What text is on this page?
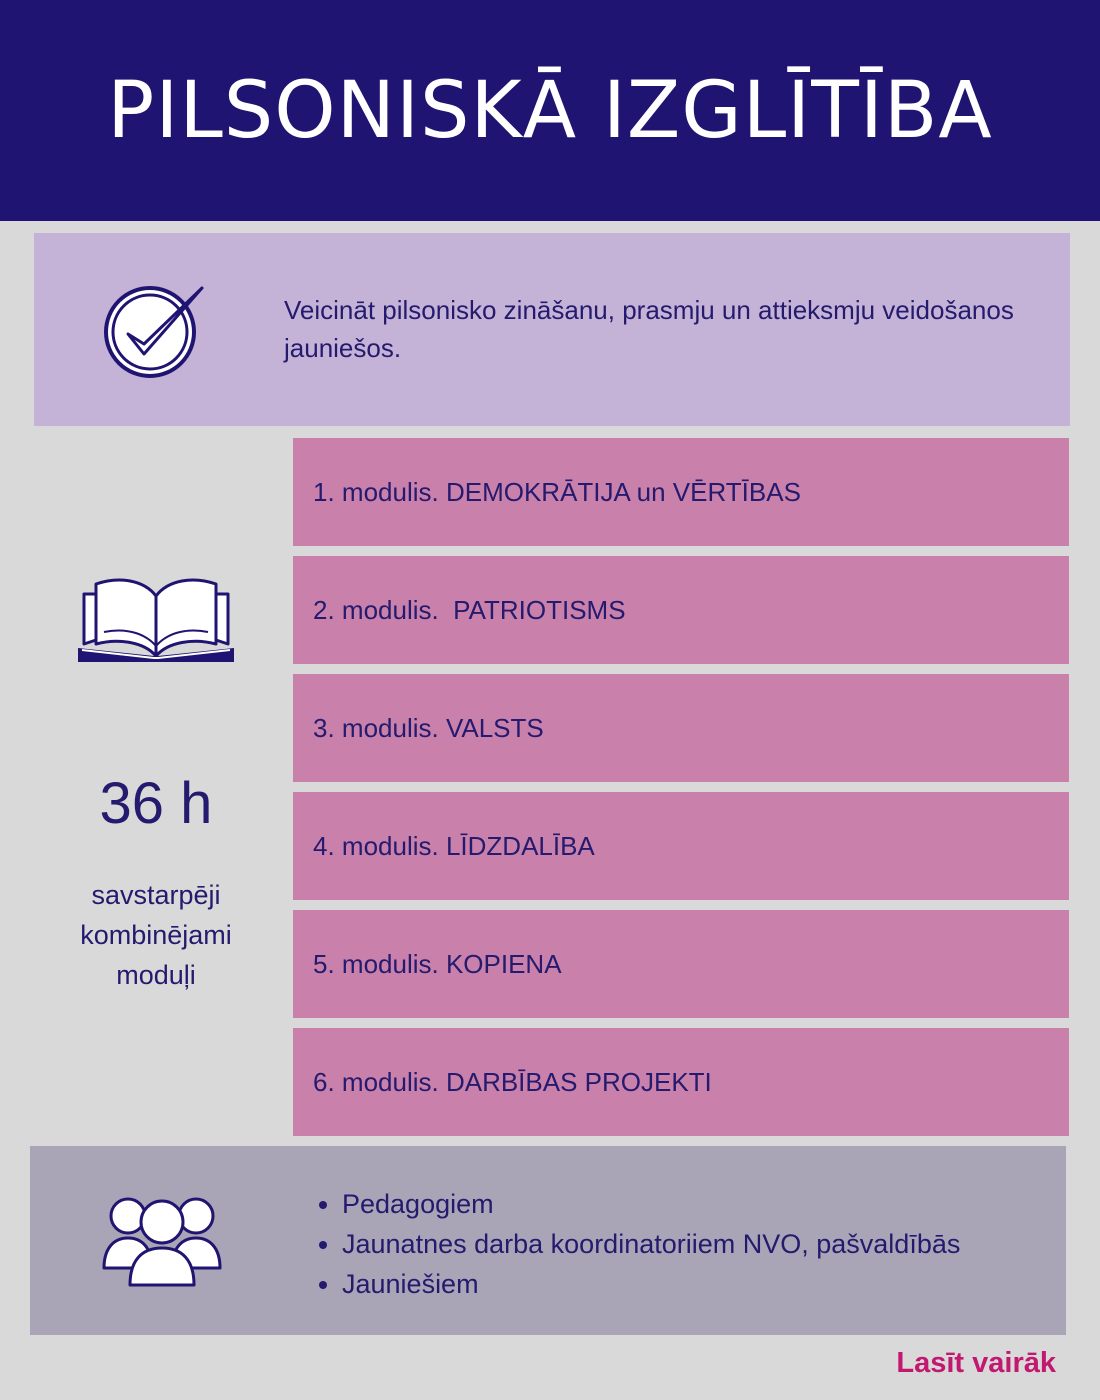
PILSONISKĀ IZGLĪTĪBA
Veicināt pilsonisko zināšanu, prasmju un attieksmju veidošanos jauniešos.
36 h
savstarpēji
kombinējami
moduļi
1. modulis. DEMOKRĀTIJA un VĒRTĪBAS
2. modulis.  PATRIOTISMS
3. modulis. VALSTS
4. modulis. LĪDZDALĪBA
5. modulis. KOPIENA
6. modulis. DARBĪBAS PROJEKTI
• Pedagogiem
• Jaunatnes darba koordinatoriiem NVO, pašvaldībās
• Jauniešiem
Lasīt vairāk
